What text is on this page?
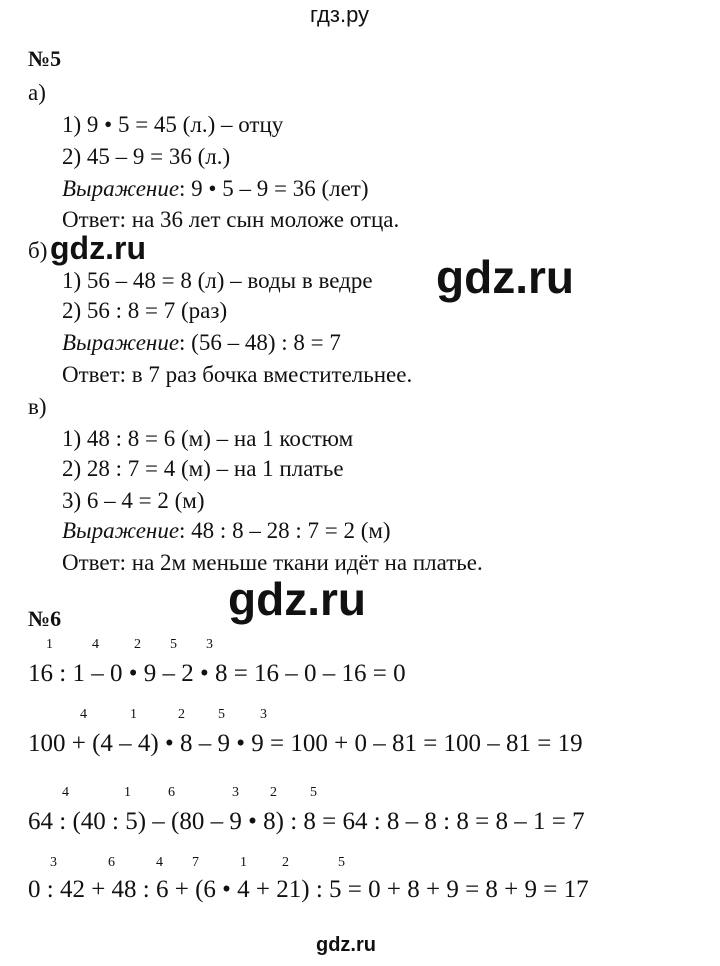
гдз.ру
№5
а)
1) 9 • 5 = 45 (л.) – отцу
2) 45 – 9 = 36 (л.)
Выражение: 9 • 5 – 9 = 36 (лет)
Ответ: на 36 лет сын моложе отца.
б)
1) 56 – 48 = 8 (л) – воды в ведре
2) 56 : 8 = 7 (раз)
Выражение: (56 – 48) : 8 = 7
Ответ: в 7 раз бочка вместительнее.
в)
1) 48 : 8 = 6 (м) – на 1 костюм
2) 28 : 7 = 4 (м) – на 1 платье
3) 6 – 4 = 2 (м)
Выражение: 48 : 8 – 28 : 7 = 2 (м)
Ответ: на 2м меньше ткани идёт на платье.
gdz.ru
gdz.ru
gdz.ru
gdz.ru
№6
1	4	2 5 3
16 : 1 – 0 • 9 – 2 • 8 = 16 – 0 – 16 = 0
4	1	2 5	3
100 + (4 – 4) • 8 – 9 • 9 = 100 + 0 – 81 = 100 – 81 = 19
4	1	6	3 2 5
64 : (40 : 5) – (80 – 9 • 8) : 8 = 64 : 8 – 8 : 8 = 8 – 1 = 7
3	6	4 7	1	2	5
0 : 42 + 48 : 6 + (6 • 4 + 21) : 5 = 0 + 8 + 9 = 8 + 9 = 17
